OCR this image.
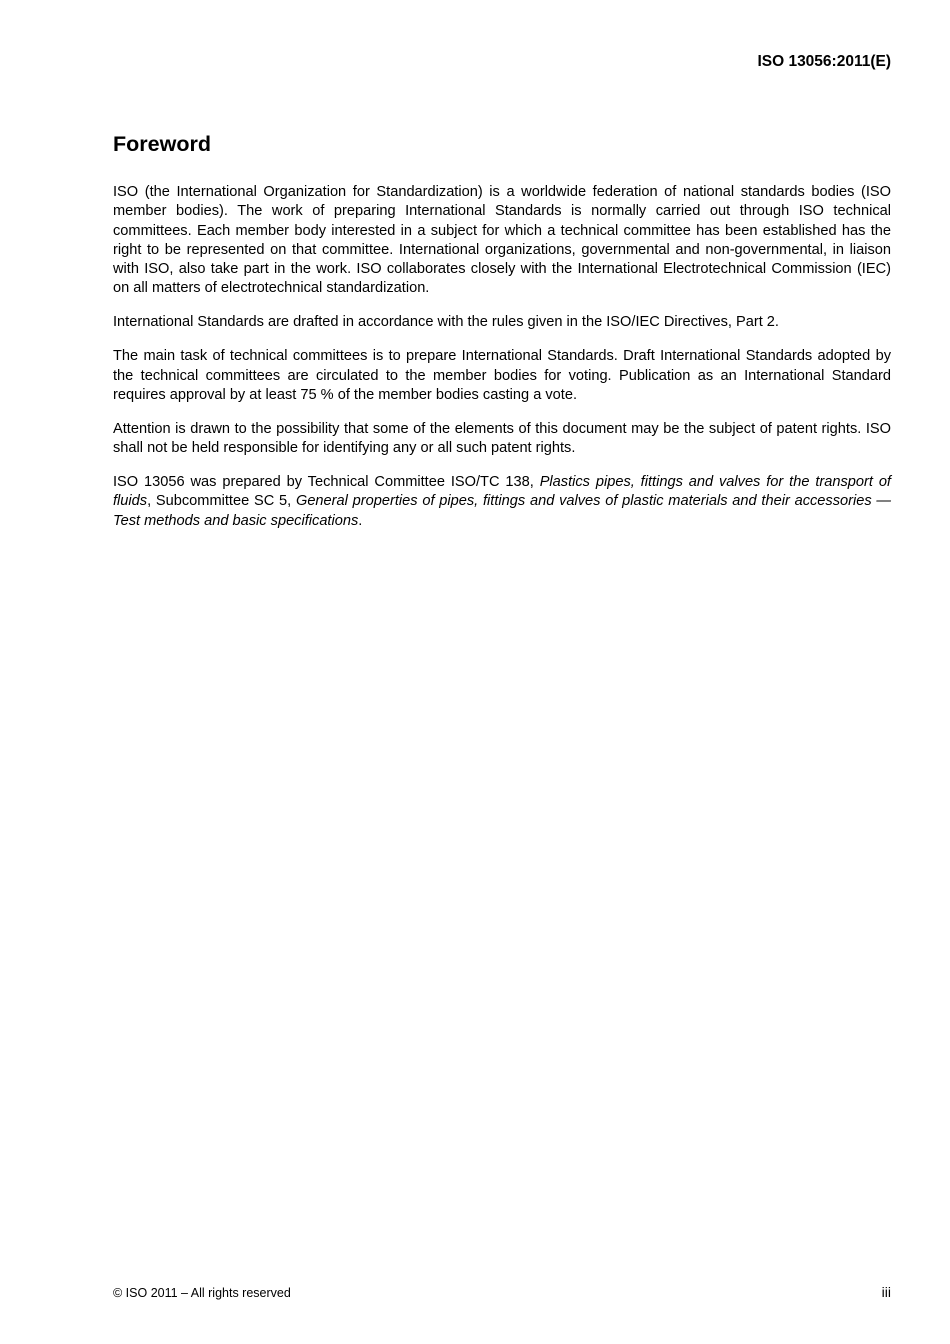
ISO 13056:2011(E)
Foreword

ISO (the International Organization for Standardization) is a worldwide federation of national standards bodies (ISO member bodies). The work of preparing International Standards is normally carried out through ISO technical committees. Each member body interested in a subject for which a technical committee has been established has the right to be represented on that committee. International organizations, governmental and non-governmental, in liaison with ISO, also take part in the work. ISO collaborates closely with the International Electrotechnical Commission (IEC) on all matters of electrotechnical standardization.

International Standards are drafted in accordance with the rules given in the ISO/IEC Directives, Part 2.

The main task of technical committees is to prepare International Standards. Draft International Standards adopted by the technical committees are circulated to the member bodies for voting. Publication as an International Standard requires approval by at least 75 % of the member bodies casting a vote.

Attention is drawn to the possibility that some of the elements of this document may be the subject of patent rights. ISO shall not be held responsible for identifying any or all such patent rights.

ISO 13056 was prepared by Technical Committee ISO/TC 138, Plastics pipes, fittings and valves for the transport of fluids, Subcommittee SC 5, General properties of pipes, fittings and valves of plastic materials and their accessories — Test methods and basic specifications.

© ISO 2011 – All rights reserved	iii
